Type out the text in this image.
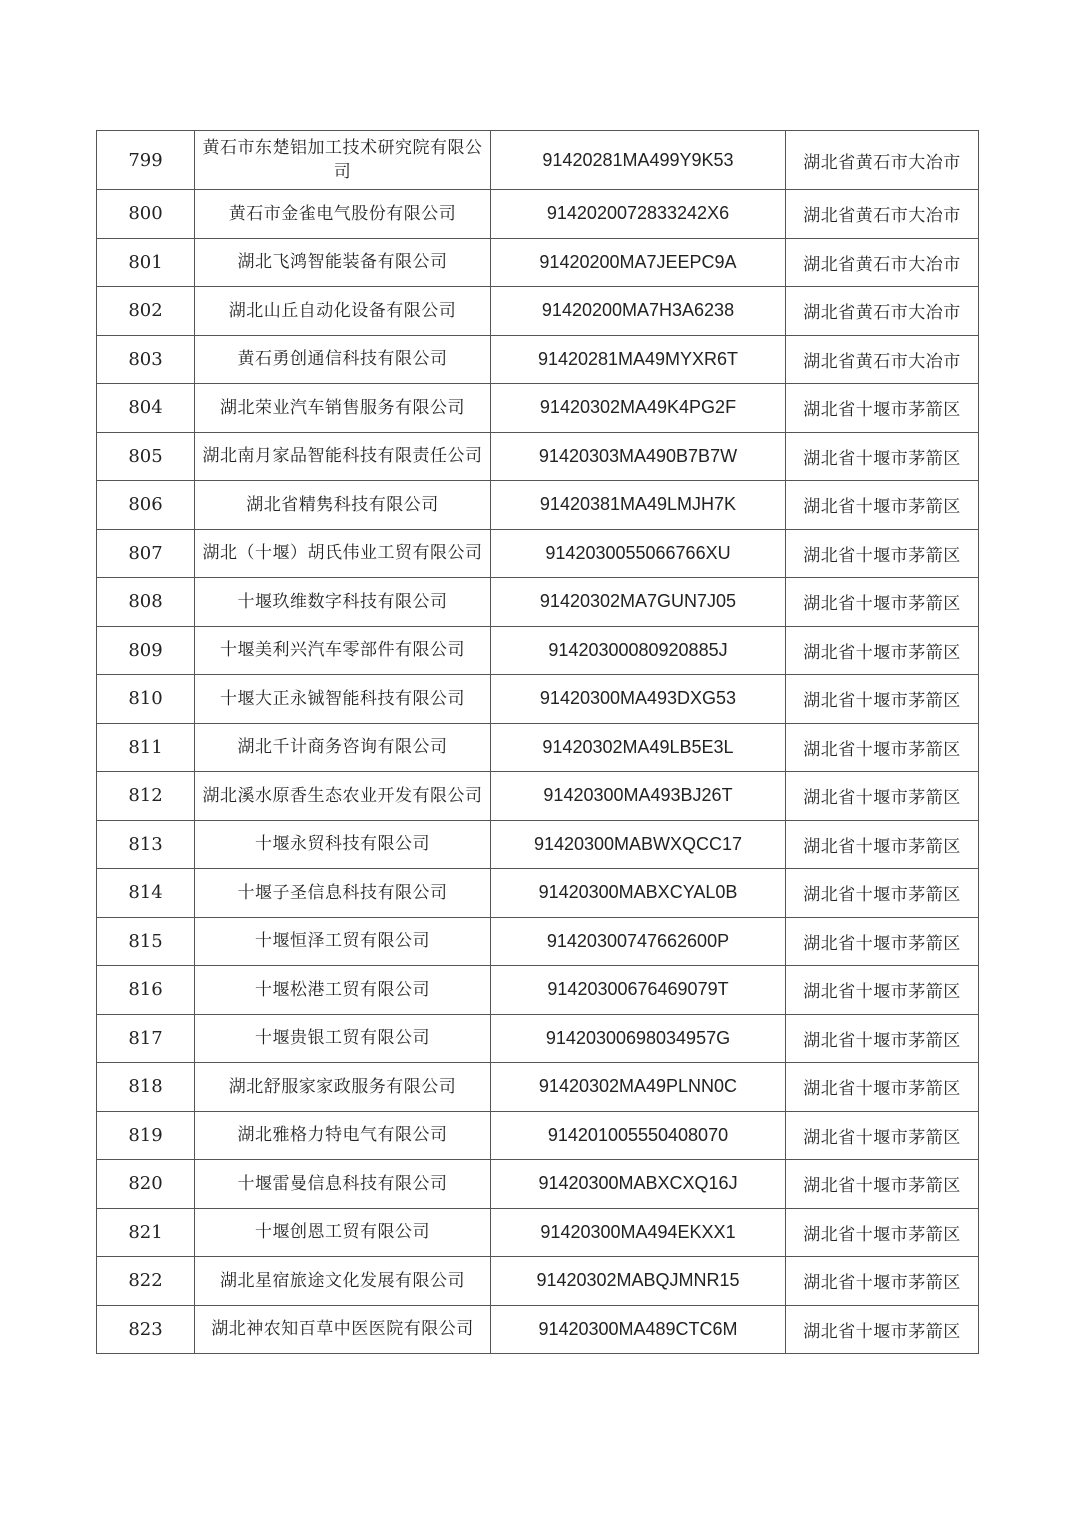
799	黄石市东楚铝加工技术研究院有限公司	91420281MA499Y9K53	湖北省黄石市大冶市
800	黄石市金雀电气股份有限公司	9142020072833242X6	湖北省黄石市大冶市
801	湖北飞鸿智能装备有限公司	91420200MA7JEEPC9A	湖北省黄石市大冶市
802	湖北山丘自动化设备有限公司	91420200MA7H3A6238	湖北省黄石市大冶市
803	黄石勇创通信科技有限公司	91420281MA49MYXR6T	湖北省黄石市大冶市
804	湖北荣业汽车销售服务有限公司	91420302MA49K4PG2F	湖北省十堰市茅箭区
805	湖北南月家品智能科技有限责任公司	91420303MA490B7B7W	湖北省十堰市茅箭区
806	湖北省精隽科技有限公司	91420381MA49LMJH7K	湖北省十堰市茅箭区
807	湖北（十堰）胡氏伟业工贸有限公司	9142030055066766XU	湖北省十堰市茅箭区
808	十堰玖维数字科技有限公司	91420302MA7GUN7J05	湖北省十堰市茅箭区
809	十堰美利兴汽车零部件有限公司	91420300080920885J	湖北省十堰市茅箭区
810	十堰大正永铖智能科技有限公司	91420300MA493DXG53	湖北省十堰市茅箭区
811	湖北千计商务咨询有限公司	91420302MA49LB5E3L	湖北省十堰市茅箭区
812	湖北溪水原香生态农业开发有限公司	91420300MA493BJ26T	湖北省十堰市茅箭区
813	十堰永贸科技有限公司	91420300MABWXQCC17	湖北省十堰市茅箭区
814	十堰子圣信息科技有限公司	91420300MABXCYAL0B	湖北省十堰市茅箭区
815	十堰恒泽工贸有限公司	91420300747662600P	湖北省十堰市茅箭区
816	十堰松港工贸有限公司	91420300676469079T	湖北省十堰市茅箭区
817	十堰贵银工贸有限公司	91420300698034957G	湖北省十堰市茅箭区
818	湖北舒服家家政服务有限公司	91420302MA49PLNN0C	湖北省十堰市茅箭区
819	湖北雅格力特电气有限公司	914201005550408070	湖北省十堰市茅箭区
820	十堰雷曼信息科技有限公司	91420300MABXCXQ16J	湖北省十堰市茅箭区
821	十堰创恩工贸有限公司	91420300MA494EKXX1	湖北省十堰市茅箭区
822	湖北星宿旅途文化发展有限公司	91420302MABQJMNR15	湖北省十堰市茅箭区
823	湖北神农知百草中医医院有限公司	91420300MA489CTC6M	湖北省十堰市茅箭区
